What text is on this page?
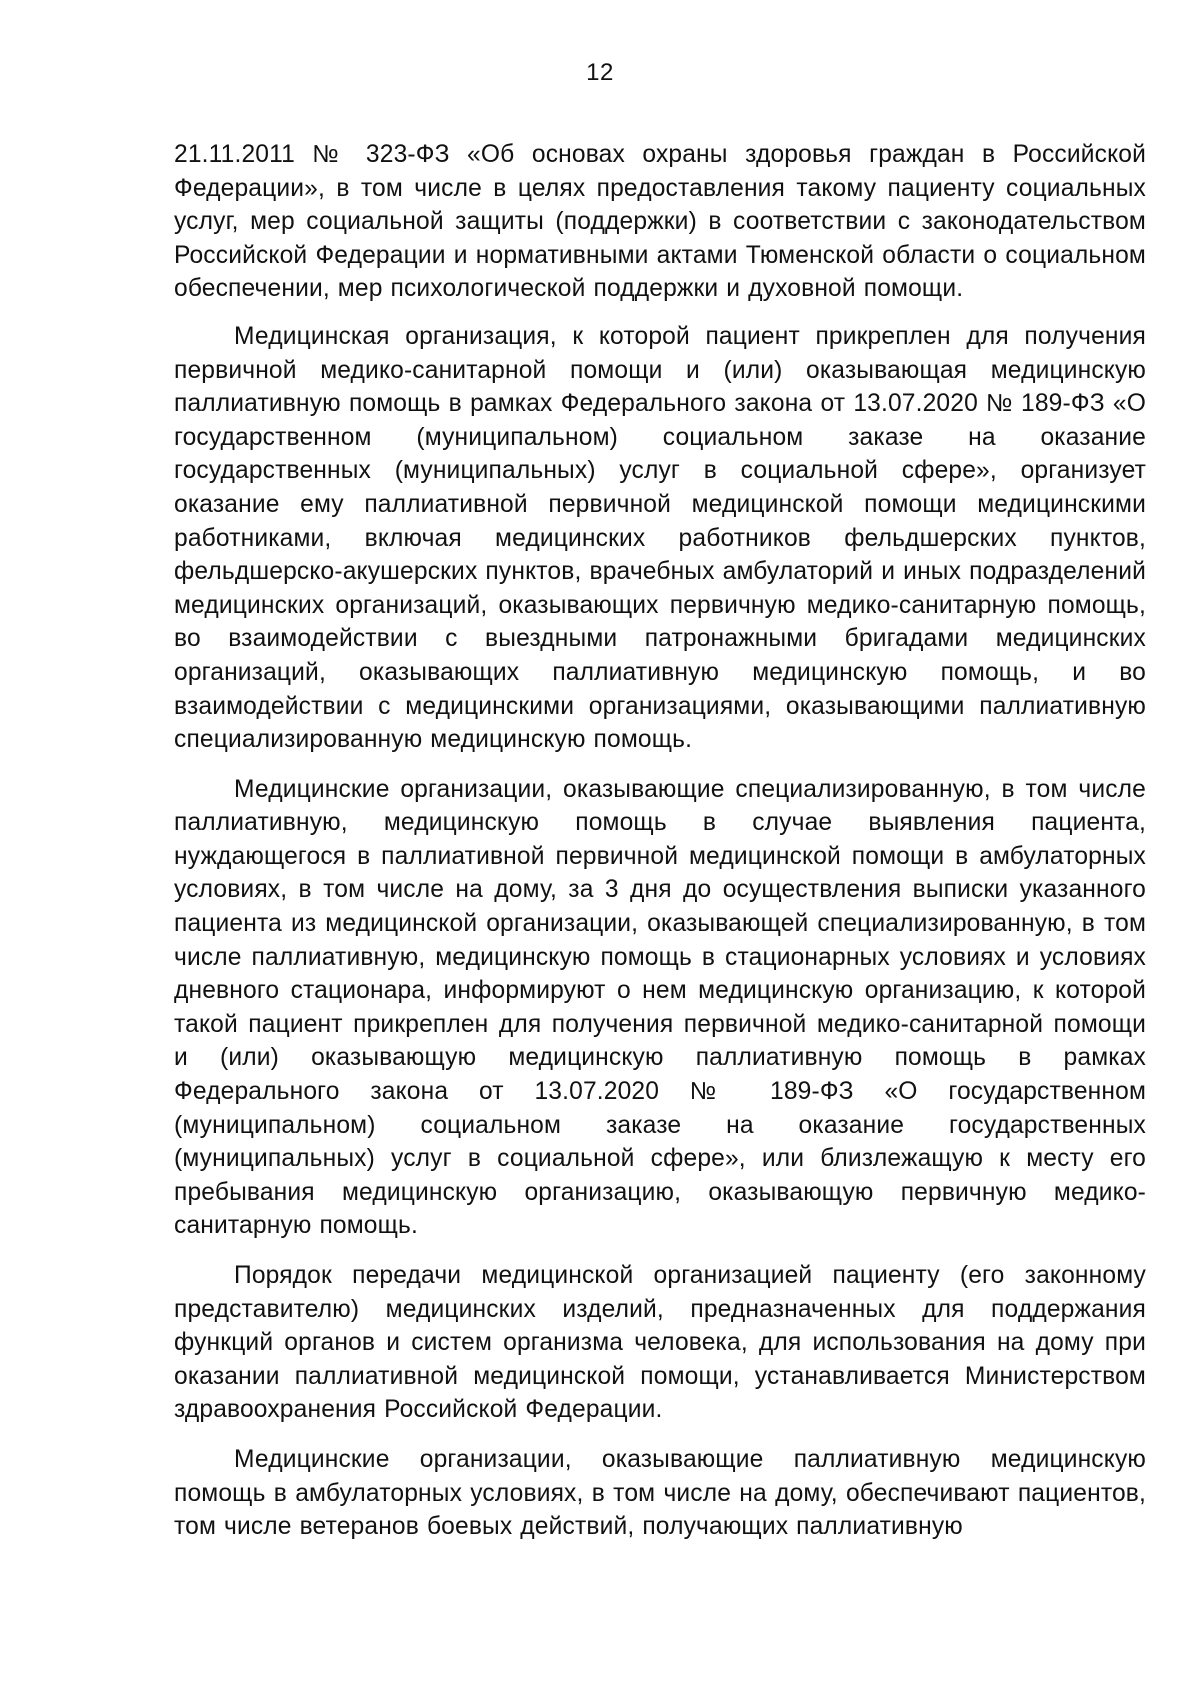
12

21.11.2011 № 323-ФЗ «Об основах охраны здоровья граждан в Российской Федерации», в том числе в целях предоставления такому пациенту социальных услуг, мер социальной защиты (поддержки) в соответствии с законодательством Российской Федерации и нормативными актами Тюменской области о социальном обеспечении, мер психологической поддержки и духовной помощи.

Медицинская организация, к которой пациент прикреплен для получения первичной медико-санитарной помощи и (или) оказывающая медицинскую паллиативную помощь в рамках Федерального закона от 13.07.2020 № 189-ФЗ «О государственном (муниципальном) социальном заказе на оказание государственных (муниципальных) услуг в социальной сфере», организует оказание ему паллиативной первичной медицинской помощи медицинскими работниками, включая медицинских работников фельдшерских пунктов, фельдшерско-акушерских пунктов, врачебных амбулаторий и иных подразделений медицинских организаций, оказывающих первичную медико-санитарную помощь, во взаимодействии с выездными патронажными бригадами медицинских организаций, оказывающих паллиативную медицинскую помощь, и во взаимодействии с медицинскими организациями, оказывающими паллиативную специализированную медицинскую помощь.

Медицинские организации, оказывающие специализированную, в том числе паллиативную, медицинскую помощь в случае выявления пациента, нуждающегося в паллиативной первичной медицинской помощи в амбулаторных условиях, в том числе на дому, за 3 дня до осуществления выписки указанного пациента из медицинской организации, оказывающей специализированную, в том числе паллиативную, медицинскую помощь в стационарных условиях и условиях дневного стационара, информируют о нем медицинскую организацию, к которой такой пациент прикреплен для получения первичной медико-санитарной помощи и (или) оказывающую медицинскую паллиативную помощь в рамках Федерального закона от 13.07.2020 № 189-ФЗ «О государственном (муниципальном) социальном заказе на оказание государственных (муниципальных) услуг в социальной сфере», или близлежащую к месту его пребывания медицинскую организацию, оказывающую первичную медико-санитарную помощь.

Порядок передачи медицинской организацией пациенту (его законному представителю) медицинских изделий, предназначенных для поддержания функций органов и систем организма человека, для использования на дому при оказании паллиативной медицинской помощи, устанавливается Министерством здравоохранения Российской Федерации.

Медицинские организации, оказывающие паллиативную медицинскую помощь в амбулаторных условиях, в том числе на дому, обеспечивают пациентов, том числе ветеранов боевых действий, получающих паллиативную
